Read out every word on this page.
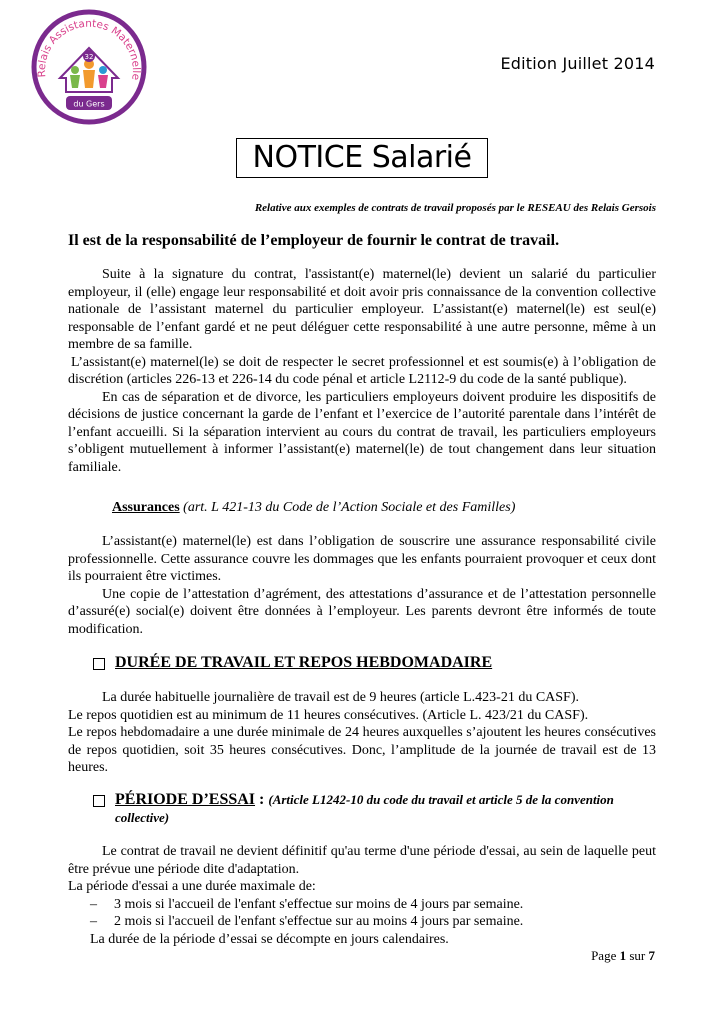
Relais Assistantes Maternelle
32
du Gers
Edition Juillet 2014
NOTICE Salarié
Relative aux exemples de contrats de travail proposés par le RESEAU des Relais Gersois
Il est de la responsabilité de l’employeur de fournir le contrat de travail.

Suite à la signature du contrat, l'assistant(e) maternel(le) devient un salarié du particulier employeur, il (elle) engage leur responsabilité et doit avoir pris connaissance de la convention collective nationale de l’assistant maternel du particulier employeur. L’assistant(e) maternel(le) est seul(e) responsable de l’enfant gardé et ne peut déléguer cette responsabilité à une autre personne, même à un membre de sa famille.

L’assistant(e) maternel(le) se doit de respecter le secret professionnel et est soumis(e) à l’obligation de discrétion (articles 226-13 et 226-14 du code pénal et article L2112-9 du code de la santé publique).

En cas de séparation et de divorce, les particuliers employeurs doivent produire les dispositifs de décisions de justice concernant la garde de l’enfant et l’exercice de l’autorité parentale dans l’intérêt de l’enfant accueilli. Si la séparation intervient au cours du contrat de travail, les particuliers employeurs s’obligent mutuellement à informer l’assistant(e) maternel(le) de tout changement dans leur situation familiale.

Assurances (art. L 421-13 du Code de l’Action Sociale et des Familles)

L’assistant(e) maternel(le) est dans l’obligation de souscrire une assurance responsabilité civile professionnelle. Cette assurance couvre les dommages que les enfants pourraient provoquer et ceux dont ils pourraient être victimes.

Une copie de l’attestation d’agrément, des attestations d’assurance et de l’attestation personnelle d’assuré(e) social(e) doivent être données à l’employeur. Les parents devront être informés de toute modification.

DURÉE DE TRAVAIL ET REPOS HEBDOMADAIRE

La durée habituelle journalière de travail est de 9 heures (article L.423-21 du CASF).

Le repos quotidien est au minimum de 11 heures consécutives. (Article L. 423/21 du CASF).

Le repos hebdomadaire a une durée minimale de 24 heures auxquelles s’ajoutent les heures consécutives de repos quotidien, soit 35 heures consécutives. Donc, l’amplitude de la journée de travail est de 13 heures.

PÉRIODE D’ESSAI : (Article L1242-10 du code du travail et article 5 de la convention collective)

Le contrat de travail ne devient définitif qu'au terme d'une période d'essai, au sein de laquelle peut être prévue une période dite d'adaptation.

La période d'essai a une durée maximale de:

– 3 mois si l'accueil de l'enfant s'effectue sur moins de 4 jours par semaine.
– 2 mois si l'accueil de l'enfant s'effectue sur au moins 4 jours par semaine.

La durée de la période d’essai se décompte en jours calendaires.

Page 1 sur 7
